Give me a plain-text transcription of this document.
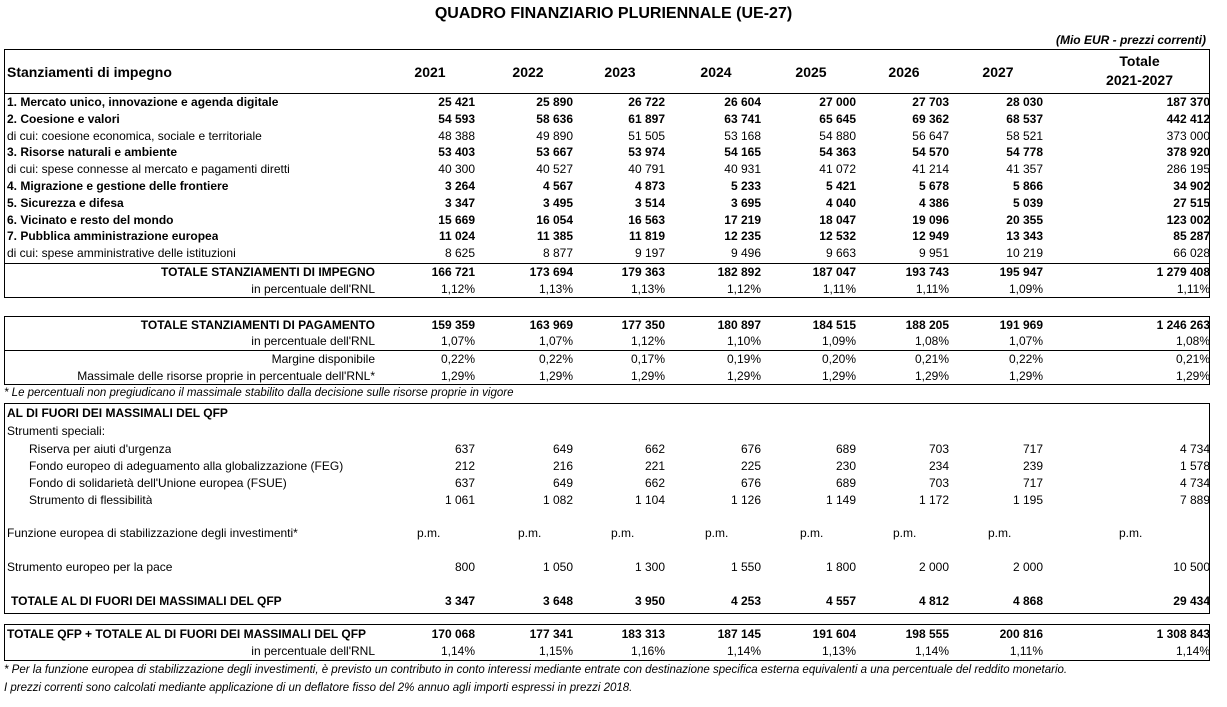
QUADRO FINANZIARIO PLURIENNALE (UE-27)
(Mio EUR - prezzi correnti)
Stanziamenti di impegno	2021	2022	2023	2024	2025	2026	2027
Totale
2021-2027
1. Mercato unico, innovazione e agenda digitale	25 421	25 890	26 722	26 604	27 000	27 703	28 030	187 370
2. Coesione e valori	54 593	58 636	61 897	63 741	65 645	69 362	68 537	442 412
di cui: coesione economica, sociale e territoriale	48 388	49 890	51 505	53 168	54 880	56 647	58 521	373 000
3. Risorse naturali e ambiente	53 403	53 667	53 974	54 165	54 363	54 570	54 778	378 920
di cui: spese connesse al mercato e pagamenti diretti	40 300	40 527	40 791	40 931	41 072	41 214	41 357	286 195
4. Migrazione e gestione delle frontiere	3 264	4 567	4 873	5 233	5 421	5 678	5 866	34 902
5. Sicurezza e difesa	3 347	3 495	3 514	3 695	4 040	4 386	5 039	27 515
6. Vicinato e resto del mondo	15 669	16 054	16 563	17 219	18 047	19 096	20 355	123 002
7. Pubblica amministrazione europea	11 024	11 385	11 819	12 235	12 532	12 949	13 343	85 287
di cui: spese amministrative delle istituzioni	8 625	8 877	9 197	9 496	9 663	9 951	10 219	66 028
TOTALE STANZIAMENTI DI IMPEGNO	166 721	173 694	179 363	182 892	187 047	193 743	195 947	1 279 408
in percentuale dell'RNL	1,12%	1,13%	1,13%	1,12%	1,11%	1,11%	1,09%	1,11%
TOTALE STANZIAMENTI DI PAGAMENTO	159 359	163 969	177 350	180 897	184 515	188 205	191 969	1 246 263
in percentuale dell'RNL	1,07%	1,07%	1,12%	1,10%	1,09%	1,08%	1,07%	1,08%
Margine disponibile	0,22%	0,22%	0,17%	0,19%	0,20%	0,21%	0,22%	0,21%
Massimale delle risorse proprie in percentuale dell'RNL*	1,29%	1,29%	1,29%	1,29%	1,29%	1,29%	1,29%	1,29%
* Le percentuali non pregiudicano il massimale stabilito dalla decisione sulle risorse proprie in vigore
AL DI FUORI DEI MASSIMALI DEL QFP
Strumenti speciali:
Riserva per aiuti d'urgenza	637	649	662	676	689	703	717	4 734
Fondo europeo di adeguamento alla globalizzazione (FEG)	212	216	221	225	230	234	239	1 578
Fondo di solidarietà dell'Unione europea (FSUE)	637	649	662	676	689	703	717	4 734
Strumento di flessibilità	1 061	1 082	1 104	1 126	1 149	1 172	1 195	7 889
Funzione europea di stabilizzazione degli investimenti*	p.m.	p.m.	p.m.	p.m.	p.m.	p.m.	p.m.	p.m.
Strumento europeo per la pace	800	1 050	1 300	1 550	1 800	2 000	2 000	10 500
TOTALE AL DI FUORI DEI MASSIMALI DEL QFP	3 347	3 648	3 950	4 253	4 557	4 812	4 868	29 434
TOTALE QFP + TOTALE AL DI FUORI DEI MASSIMALI DEL QFP	170 068	177 341	183 313	187 145	191 604	198 555	200 816	1 308 843
in percentuale dell'RNL	1,14%	1,15%	1,16%	1,14%	1,13%	1,14%	1,11%	1,14%
* Per la funzione europea di stabilizzazione degli investimenti, è previsto un contributo in conto interessi mediante entrate con destinazione specifica esterna equivalenti a una percentuale del reddito monetario.
I prezzi correnti sono calcolati mediante applicazione di un deflatore fisso del 2% annuo agli importi espressi in prezzi 2018.
